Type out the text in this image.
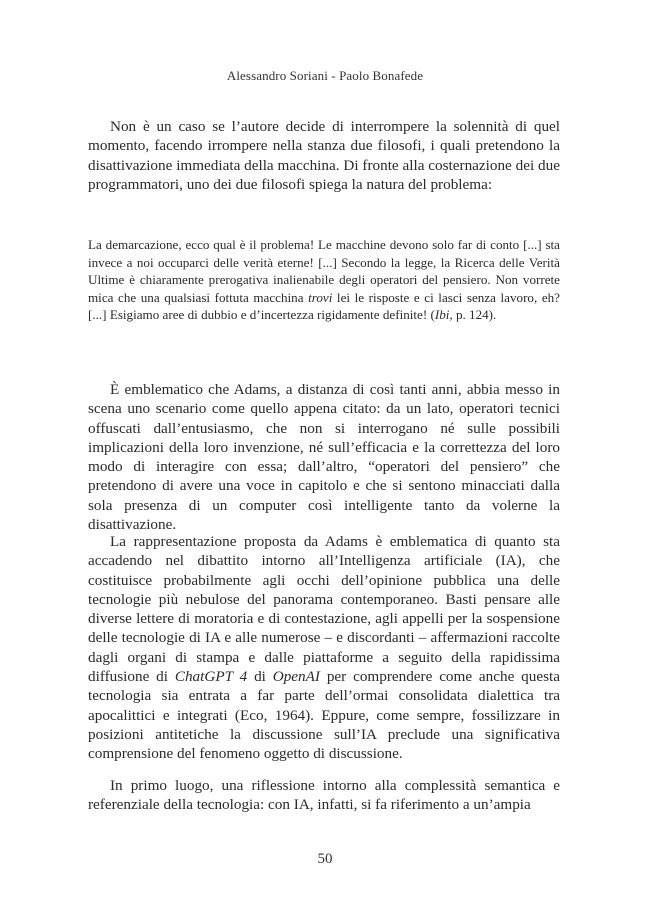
Alessandro Soriani - Paolo Bonafede

Non è un caso se l’autore decide di interrompere la solennità di quel momento, facendo irrompere nella stanza due filosofi, i quali pretendono la disattivazione immediata della macchina. Di fronte alla costernazione dei due programmatori, uno dei due filosofi spiega la natura del problema:

La demarcazione, ecco qual è il problema! Le macchine devono solo far di conto [...] sta invece a noi occuparci delle verità eterne! [...] Secondo la legge, la Ricerca delle Verità Ultime è chiaramente prerogativa inalienabile degli operatori del pensiero. Non vorrete mica che una qualsiasi fottuta macchina trovi lei le risposte e ci lasci senza lavoro, eh? [...] Esigiamo aree di dubbio e d’incertezza rigidamente definite! (Ibi, p. 124).

È emblematico che Adams, a distanza di così tanti anni, abbia messo in scena uno scenario come quello appena citato: da un lato, operatori tecnici offuscati dall’entusiasmo, che non si interrogano né sulle possibili implicazioni della loro invenzione, né sull’efficacia e la correttezza del loro modo di interagire con essa; dall’altro, “operatori del pensiero” che pretendono di avere una voce in capitolo e che si sentono minacciati dalla sola presenza di un computer così intelligente tanto da volerne la disattivazione.

La rappresentazione proposta da Adams è emblematica di quanto sta accadendo nel dibattito intorno all’Intelligenza artificiale (IA), che costituisce probabilmente agli occhi dell’opinione pubblica una delle tecnologie più nebulose del panorama contemporaneo. Basti pensare alle diverse lettere di moratoria e di contestazione, agli appelli per la sospensione delle tecnologie di IA e alle numerose – e discordanti – affermazioni raccolte dagli organi di stampa e dalle piattaforme a seguito della rapidissima diffusione di ChatGPT 4 di OpenAI per comprendere come anche questa tecnologia sia entrata a far parte dell’ormai consolidata dialettica tra apocalittici e integrati (Eco, 1964). Eppure, come sempre, fossilizzare in posizioni antitetiche la discussione sull’IA preclude una significativa comprensione del fenomeno oggetto di discussione.

In primo luogo, una riflessione intorno alla complessità semantica e referenziale della tecnologia: con IA, infatti, si fa riferimento a un’ampia

50
